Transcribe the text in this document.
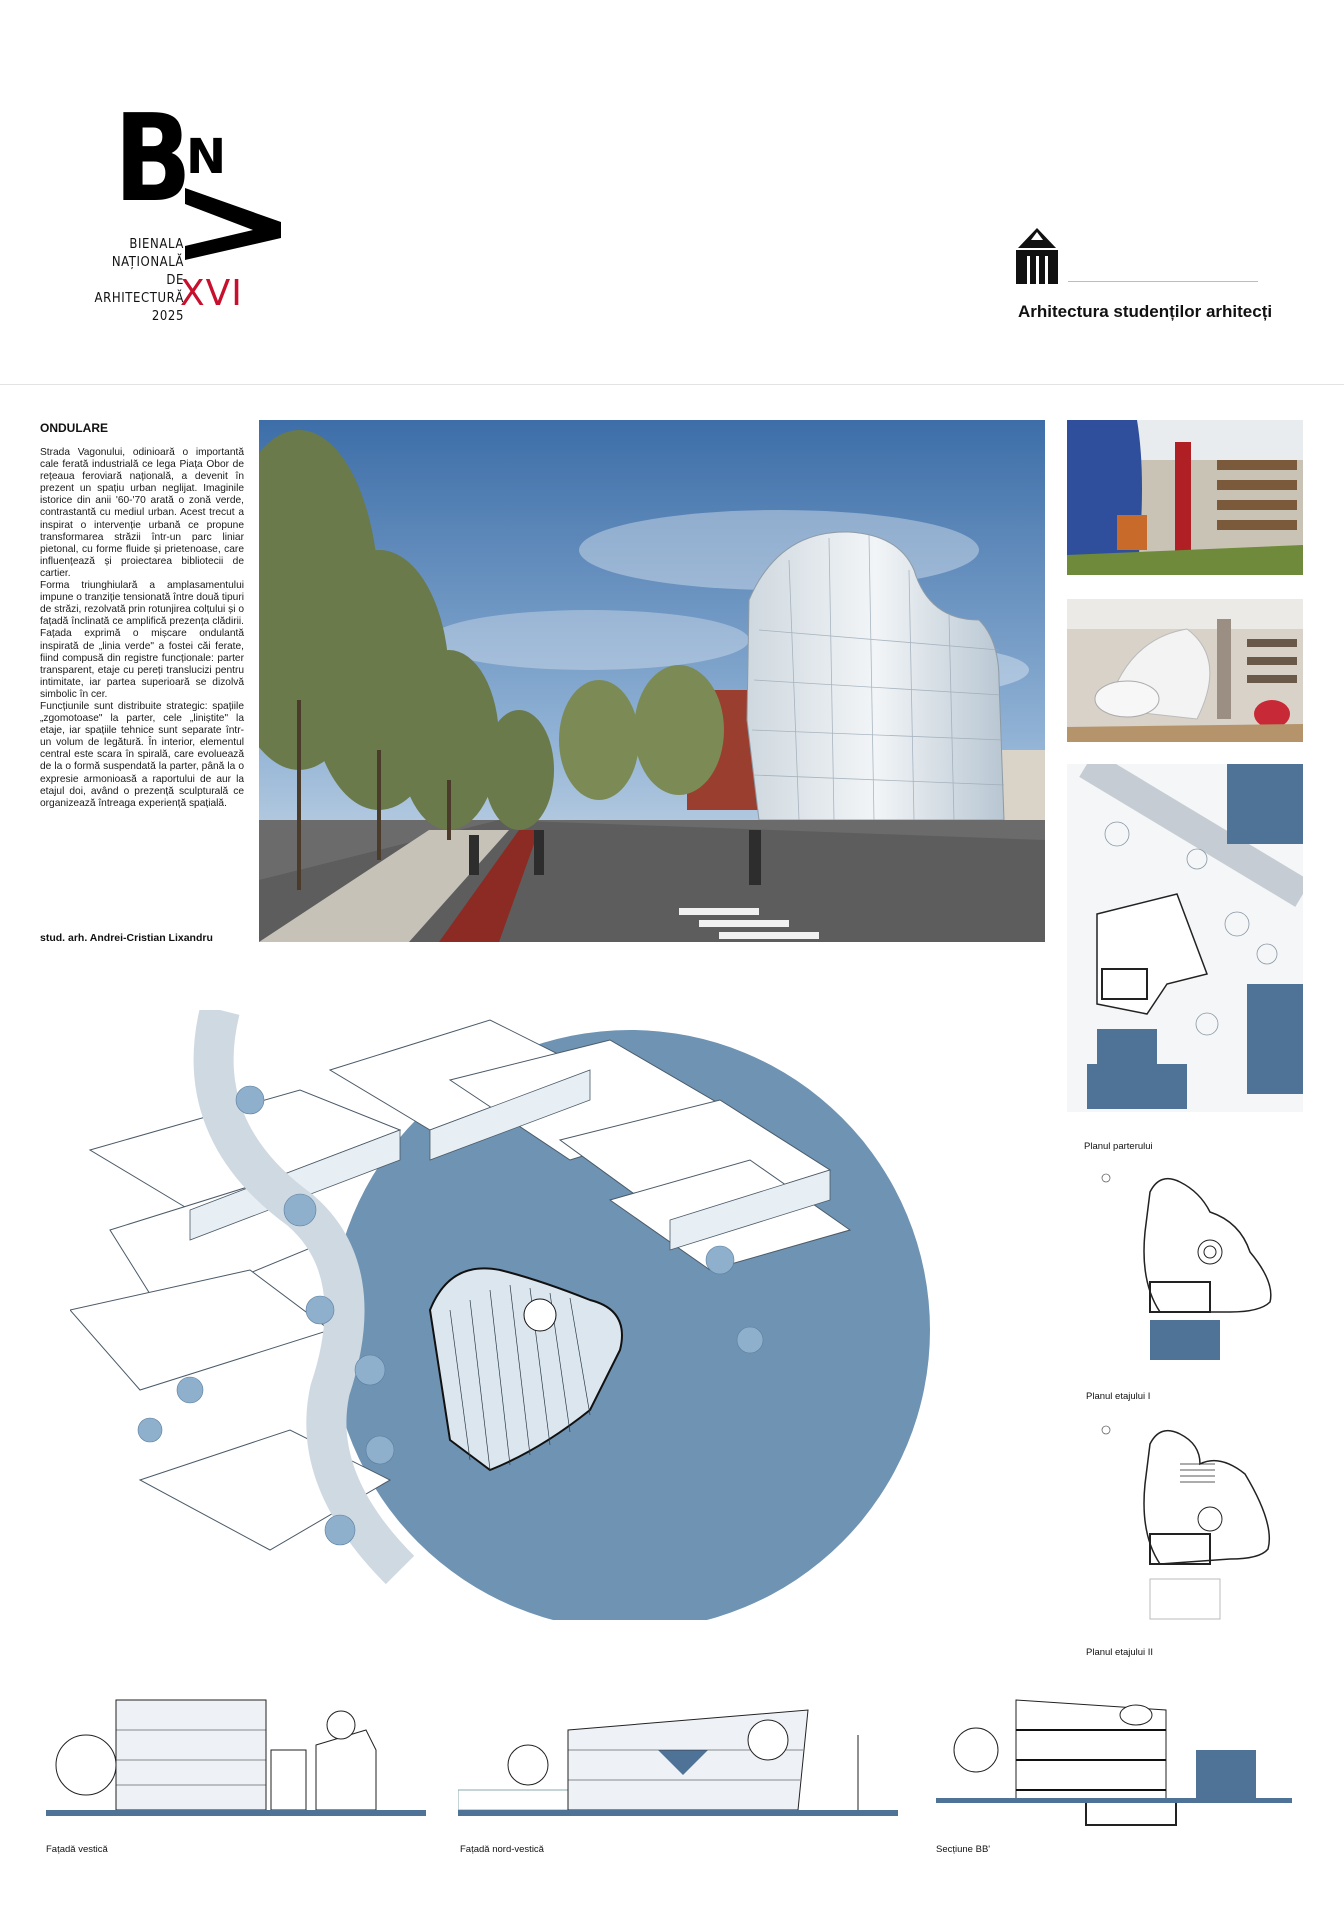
B
N
BIENALA
NAȚIONALĂ
DE
ARHITECTURĂ
2025
XVI	Arhitectura studenților arhitecți
ONDULARE

Strada Vagonului, odinioară o importantă cale ferată industrială ce lega Piața Obor de rețeaua feroviară națională, a devenit în prezent un spațiu urban neglijat. Imaginile istorice din anii '60-'70 arată o zonă verde, contrastantă cu mediul urban. Acest trecut a inspirat o intervenție urbană ce propune transformarea străzii într-un parc liniar pietonal, cu forme fluide și prietenoase, care influențează și proiectarea bibliotecii de cartier.

Forma triunghiulară a amplasamentului impune o tranziție tensionată între două tipuri de străzi, rezolvată prin rotunjirea colțului și o fațadă înclinată ce amplifică prezența clădirii. Fațada exprimă o mișcare ondulantă inspirată de „linia verde" a fostei căi ferate, fiind compusă din registre funcționale: parter transparent, etaje cu pereți translucizi pentru intimitate, iar partea superioară se dizolvă simbolic în cer.

Funcțiunile sunt distribuite strategic: spațiile „zgomotoase" la parter, cele „liniștite" la etaje, iar spațiile tehnice sunt separate într-un volum de legătură. În interior, elementul central este scara în spirală, care evoluează de la o formă suspendată la parter, până la o expresie armonioasă a raportului de aur la etajul doi, având o prezență sculpturală ce organizează întreaga experiență spațială.

stud. arh. Andrei-Cristian Lixandru
Planul parterului
Planul etajului I
Planul etajului II
Fațadă vestică	Fațadă nord-vestică	Secțiune BB'
